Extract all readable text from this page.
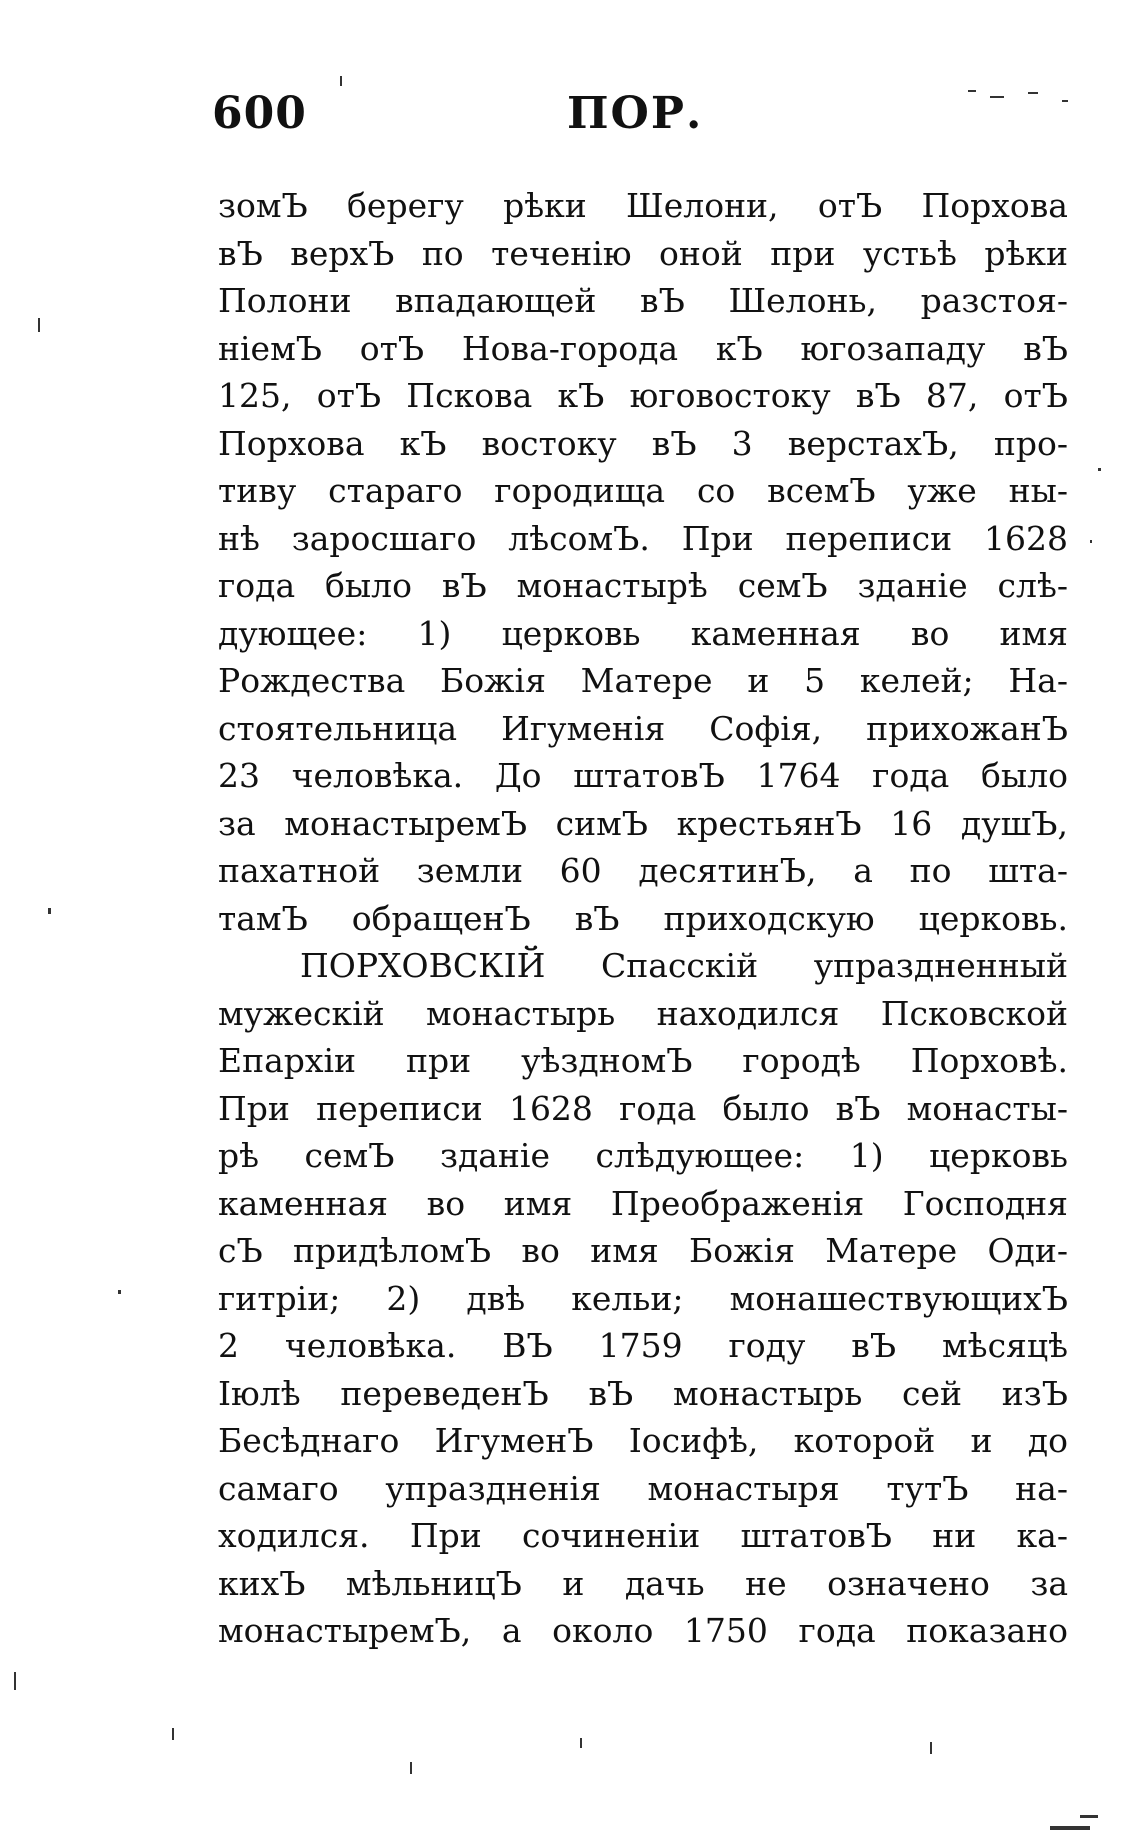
600	ПОР.
зомЪ берегу рѣки Шелони, отЪ Порхова
вЪ верхЪ по теченію оной при устьѣ рѣки
Полони впадающей вЪ Шелонь, разстоя-
ніемЪ отЪ Нова-города кЪ югозападу вЪ
125, отЪ Пскова кЪ юговостоку вЪ 87, отЪ
Порхова кЪ востоку вЪ 3 верстахЪ, про-
тиву стараго городища со всемЪ уже ны-
нѣ заросшаго лѣсомЪ. При переписи 1628
года было вЪ монастырѣ семЪ зданіе слѣ-
дующее: 1) церковь каменная во имя
Рождества Божія Матере и 5 келей; На-
стоятельница Игуменія Софія, прихожанЪ
23 человѣка. До штатовЪ 1764 года было
за монастыремЪ симЪ крестьянЪ 16 душЪ,
пахатной земли 60 десятинЪ, а по шта-
тамЪ обращенЪ вЪ приходскую церковь.
ПОРХОВСКІЙ Спасскій упраздненный
мужескій монастырь находился Псковской
Епархіи при уѣздномЪ городѣ Порховѣ.
При переписи 1628 года было вЪ монасты-
рѣ семЪ зданіе слѣдующее: 1) церковь
каменная во имя Преображенія Господня
сЪ придѣломЪ во имя Божія Матере Оди-
гитріи; 2) двѣ кельи; монашествующихЪ
2 человѣка. ВЪ 1759 году вЪ мѣсяцѣ
Іюлѣ переведенЪ вЪ монастырь сей изЪ
Бесѣднаго ИгуменЪ Іосифѣ, которой и до
самаго упраздненія монастыря тутЪ на-
ходился. При сочиненіи штатовЪ ни ка-
кихЪ мѣльницЪ и дачь не означено за
монастыремЪ, а около 1750 года показано
